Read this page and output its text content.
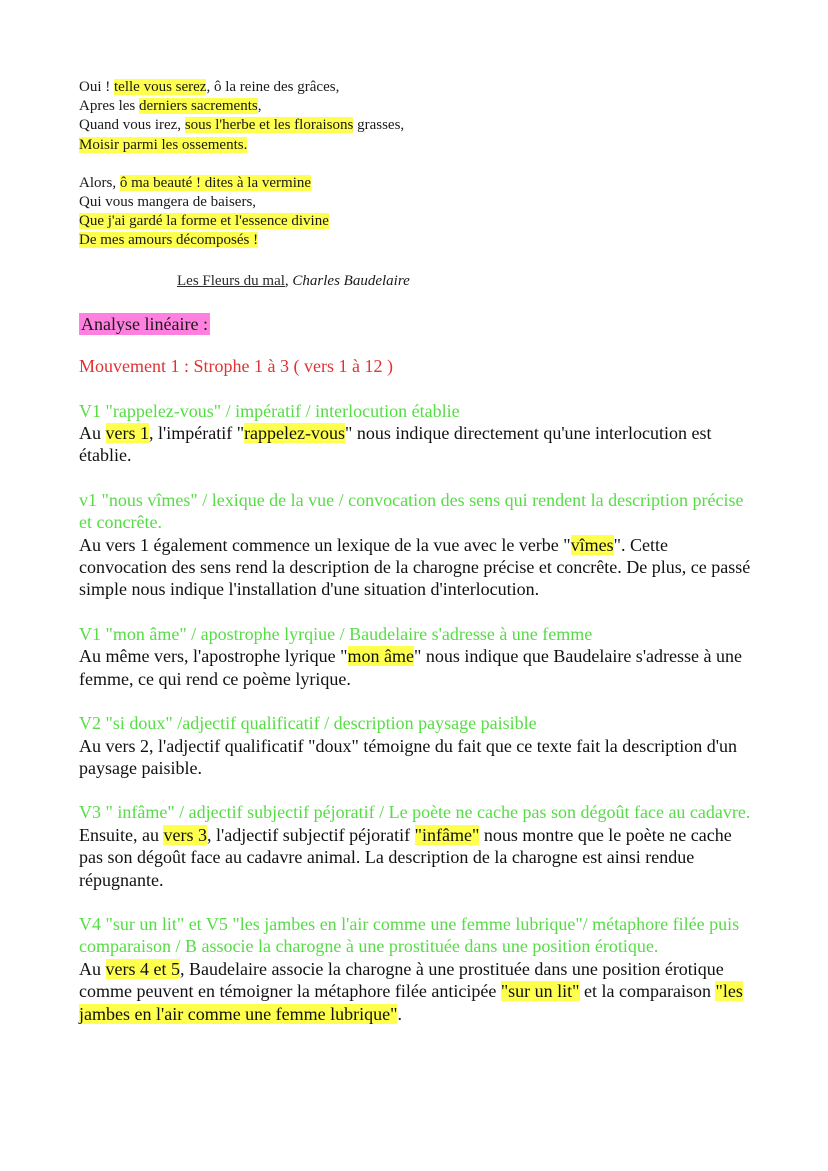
Oui ! telle vous serez, ô la reine des grâces,
Apres les derniers sacrements,
Quand vous irez, sous l'herbe et les floraisons grasses,
Moisir parmi les ossements.
Alors, ô ma beauté ! dites à la vermine
Qui vous mangera de baisers,
Que j'ai gardé la forme et l'essence divine
De mes amours décomposés !
Les Fleurs du mal, Charles Baudelaire
Analyse linéaire :
Mouvement 1 : Strophe 1 à 3 ( vers 1 à 12 )
V1 "rappelez-vous" / impératif / interlocution établie
Au vers 1, l'impératif "rappelez-vous" nous indique directement qu'une interlocution est établie.
v1 "nous vîmes" / lexique de la vue / convocation des sens qui rendent la description précise et concrête.
Au vers 1 également commence un lexique de la vue avec le verbe "vîmes". Cette convocation des sens rend la description de la charogne précise et concrête. De plus, ce passé simple nous indique l'installation d'une situation d'interlocution.
V1 "mon âme" / apostrophe lyrqiue / Baudelaire s'adresse à une femme
Au même vers, l'apostrophe lyrique "mon âme" nous indique que Baudelaire s'adresse à une femme, ce qui rend ce poème lyrique.
V2 "si doux" /adjectif qualificatif / description paysage paisible
Au vers 2, l'adjectif qualificatif "doux" témoigne du fait que ce texte fait la description d'un paysage paisible.
V3 " infâme" / adjectif subjectif péjoratif / Le poète ne cache pas son dégoût face au cadavre.
Ensuite, au vers 3, l'adjectif subjectif péjoratif "infâme" nous montre que le poète ne cache pas son dégoût face au cadavre animal. La description de la charogne est ainsi rendue répugnante.
V4 "sur un lit" et V5 "les jambes en l'air comme une femme lubrique"/ métaphore filée puis comparaison / B associe la charogne à une prostituée dans une position érotique.
Au vers 4 et 5, Baudelaire associe la charogne à une prostituée dans une position érotique comme peuvent en témoigner la métaphore filée anticipée "sur un lit" et la comparaison "les jambes en l'air comme une femme lubrique".
